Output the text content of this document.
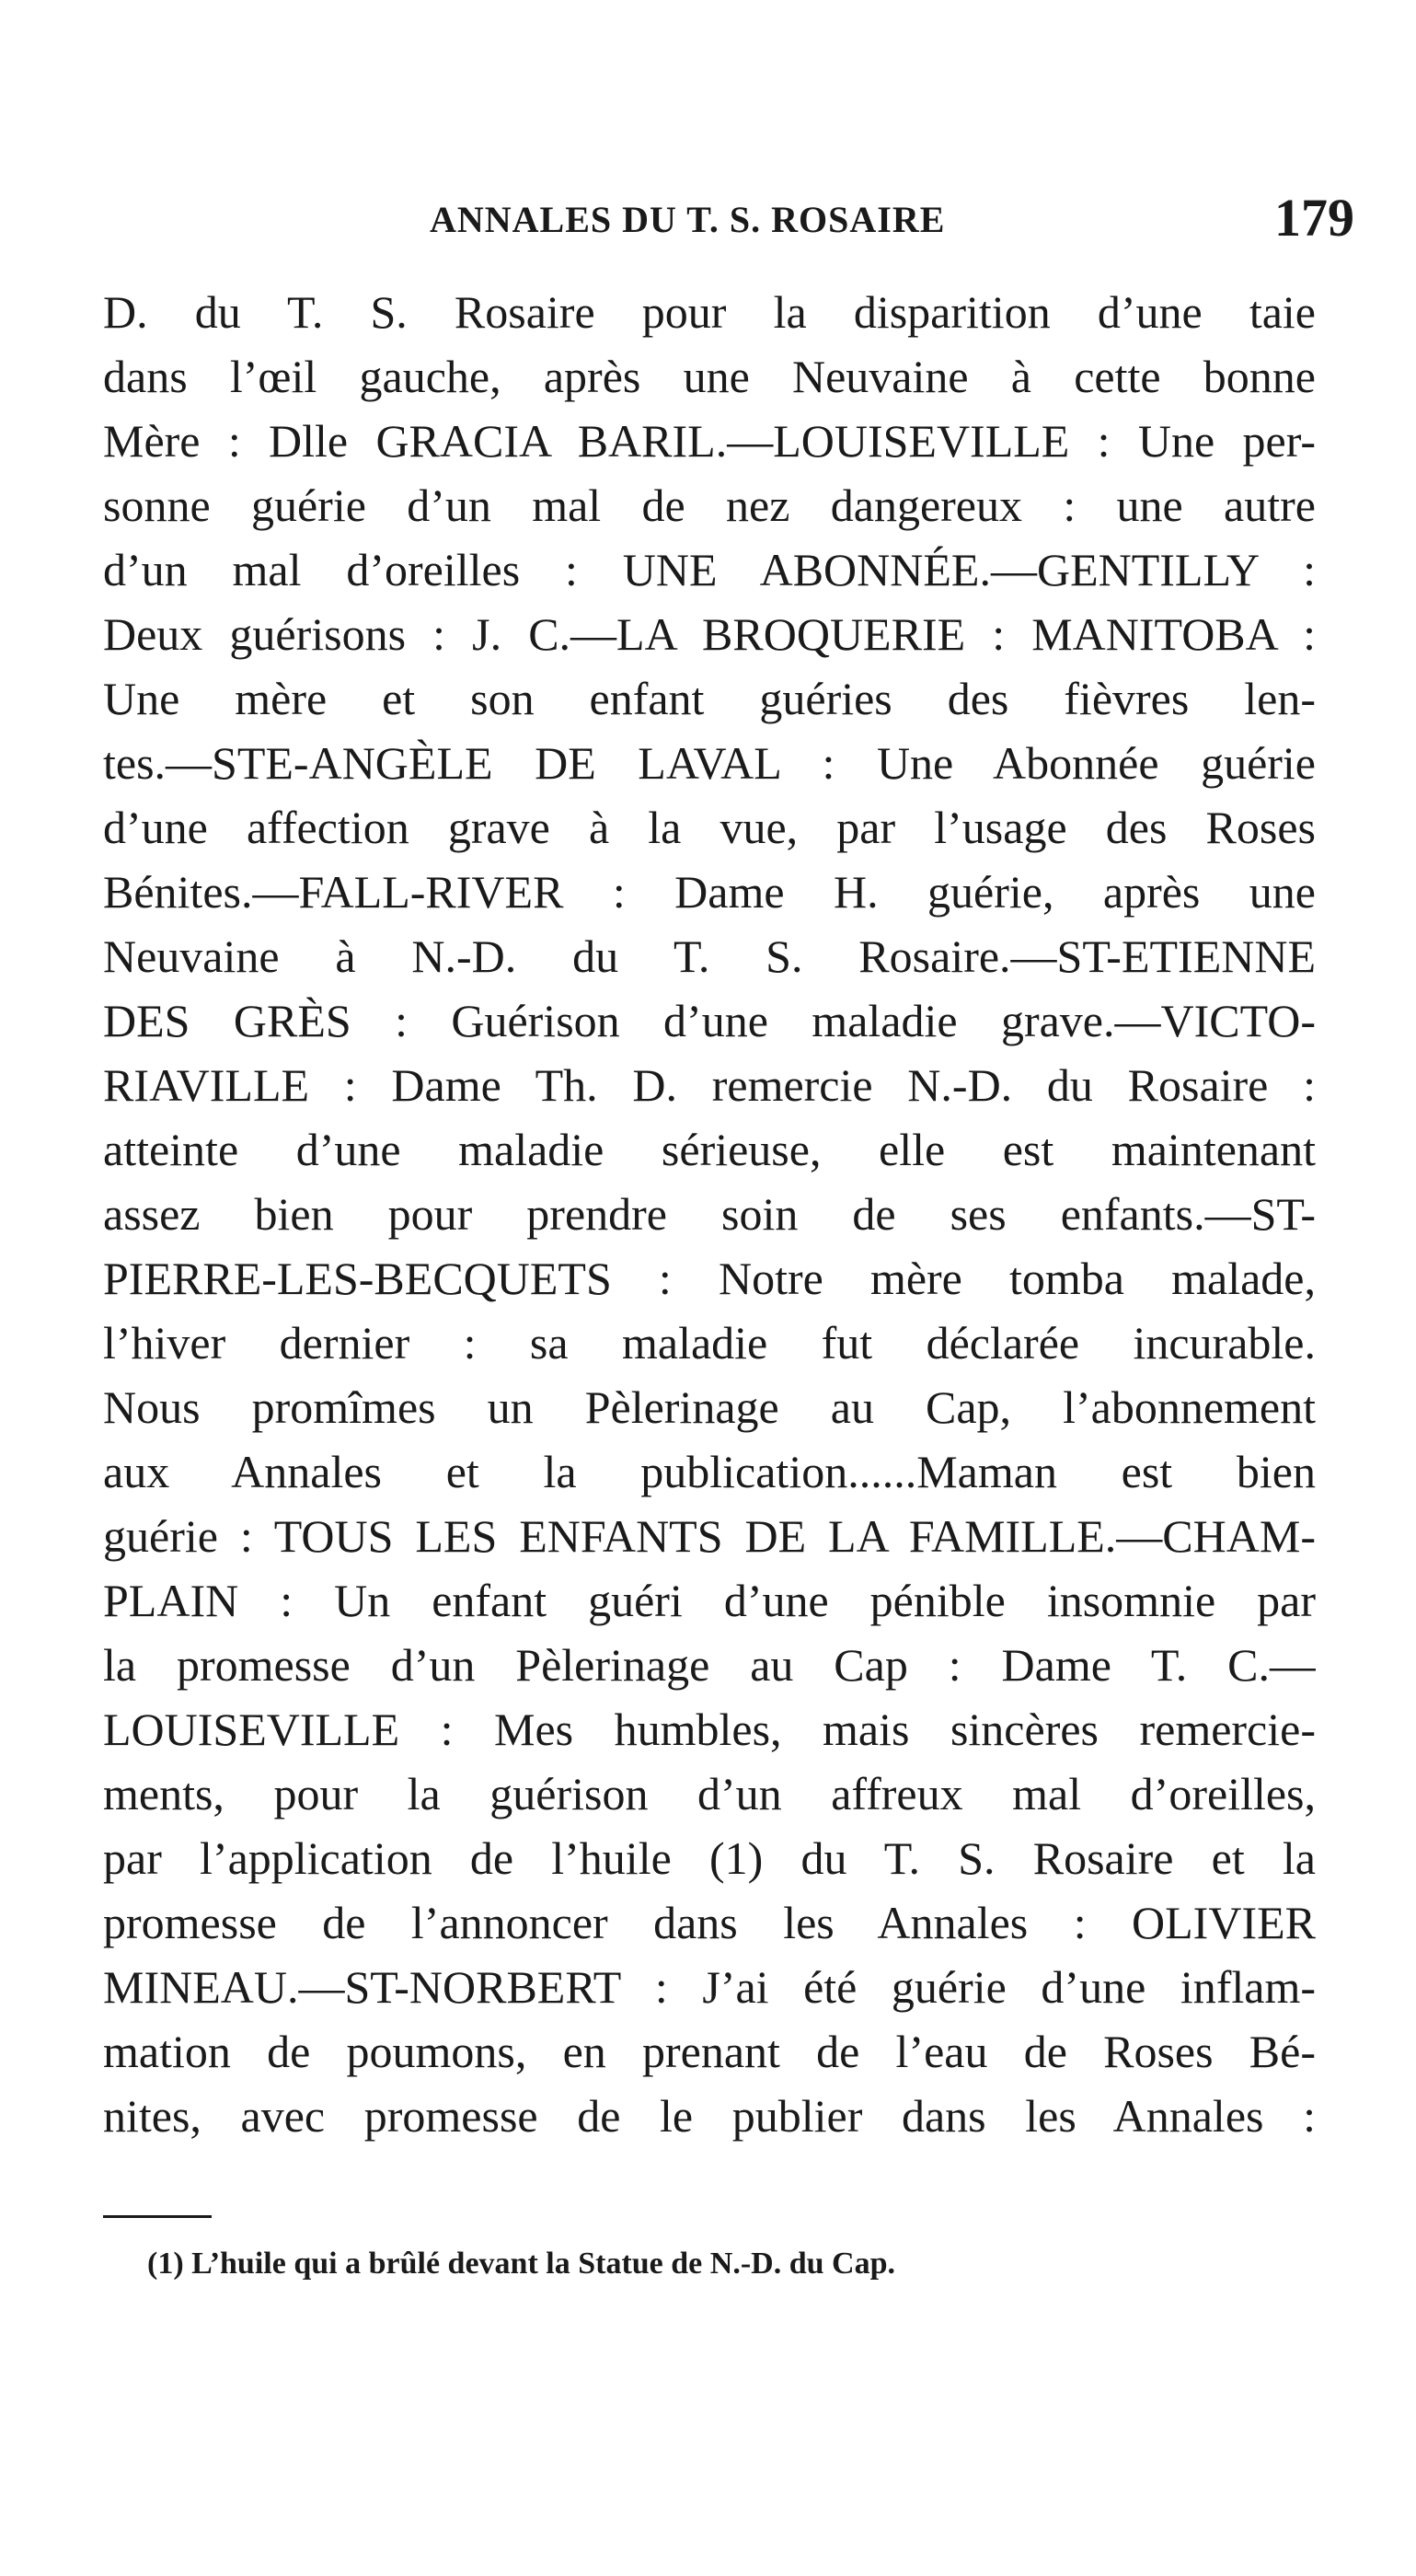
ANNALES DU T. S. ROSAIRE	179
D. du T. S. Rosaire pour la disparition d’une taie
dans l’œil gauche, après une Neuvaine à cette bonne
Mère : Dlle GRACIA BARIL.—LOUISEVILLE : Une per-
sonne guérie d’un mal de nez dangereux : une autre
d’un mal d’oreilles : UNE ABONNÉE.—GENTILLY :
Deux guérisons : J. C.—LA BROQUERIE : MANITOBA :
Une mère et son enfant guéries des fièvres len-
tes.—STE-ANGÈLE DE LAVAL : Une Abonnée guérie
d’une affection grave à la vue, par l’usage des Roses
Bénites.—FALL-RIVER : Dame H. guérie, après une
Neuvaine à N.-D. du T. S. Rosaire.—ST-ETIENNE
DES GRÈS : Guérison d’une maladie grave.—VICTO-
RIAVILLE : Dame Th. D. remercie N.-D. du Rosaire :
atteinte d’une maladie sérieuse, elle est maintenant
assez bien pour prendre soin de ses enfants.—ST-
PIERRE-LES-BECQUETS : Notre mère tomba malade,
l’hiver dernier : sa maladie fut déclarée incurable.
Nous promîmes un Pèlerinage au Cap, l’abonnement
aux Annales et la publication......Maman est bien
guérie : TOUS LES ENFANTS DE LA FAMILLE.—CHAM-
PLAIN : Un enfant guéri d’une pénible insomnie par
la promesse d’un Pèlerinage au Cap : Dame T. C.—
LOUISEVILLE : Mes humbles, mais sincères remercie-
ments, pour la guérison d’un affreux mal d’oreilles,
par l’application de l’huile (1) du T. S. Rosaire et la
promesse de l’annoncer dans les Annales : OLIVIER
MINEAU.—ST-NORBERT : J’ai été guérie d’une inflam-
mation de poumons, en prenant de l’eau de Roses Bé-
nites, avec promesse de le publier dans les Annales :
(1) L’huile qui a brûlé devant la Statue de N.-D. du Cap.
